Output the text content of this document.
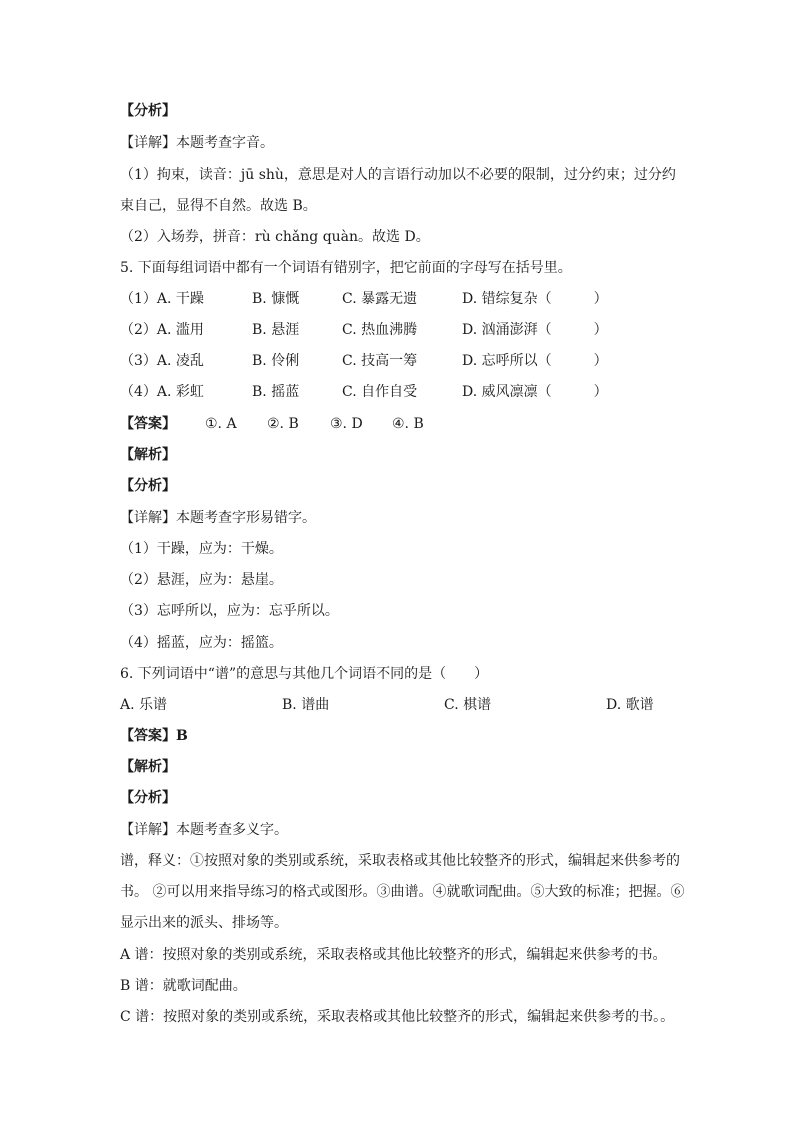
【分析】
【详解】本题考查字音。
（1）拘束，读音：jū shù，意思是对人的言语行动加以不必要的限制，过分约束；过分约
束自己，显得不自然。故选 B。
（2）入场券，拼音：rù chǎng quàn。故选 D。
5. 下面每组词语中都有一个词语有错别字，把它前面的字母写在括号里。
（1）A. 干躁	B. 慷慨	C. 暴露无遗	D. 错综复杂（　　　）
（2）A. 滥用	B. 悬涯	C. 热血沸腾	D. 汹涌澎湃（　　　）
（3）A. 凌乱	B. 伶俐	C. 技高一筹	D. 忘呼所以（　　　）
（4）A. 彩虹	B. 摇蓝	C. 自作自受	D. 威风凛凛（　　　）
【答案】 ①. A ②. B ③. D ④. B
【解析】
【分析】
【详解】本题考查字形易错字。
（1）干躁，应为：干燥。
（2）悬涯，应为：悬崖。
（3）忘呼所以，应为：忘乎所以。
（4）摇蓝，应为：摇篮。
6. 下列词语中“谱”的意思与其他几个词语不同的是（　　）
A. 乐谱	B. 谱曲	C. 棋谱	D. 歌谱
【答案】B
【解析】
【分析】
【详解】本题考查多义字。
谱，释义：①按照对象的类别或系统，采取表格或其他比较整齐的形式，编辑起来供参考的
书。 ②可以用来指导练习的格式或图形。③曲谱。④就歌词配曲。⑤大致的标准；把握。⑥
显示出来的派头、排场等。
A 谱：按照对象的类别或系统，采取表格或其他比较整齐的形式，编辑起来供参考的书。
B 谱：就歌词配曲。
C 谱：按照对象的类别或系统，采取表格或其他比较整齐的形式，编辑起来供参考的书。。
